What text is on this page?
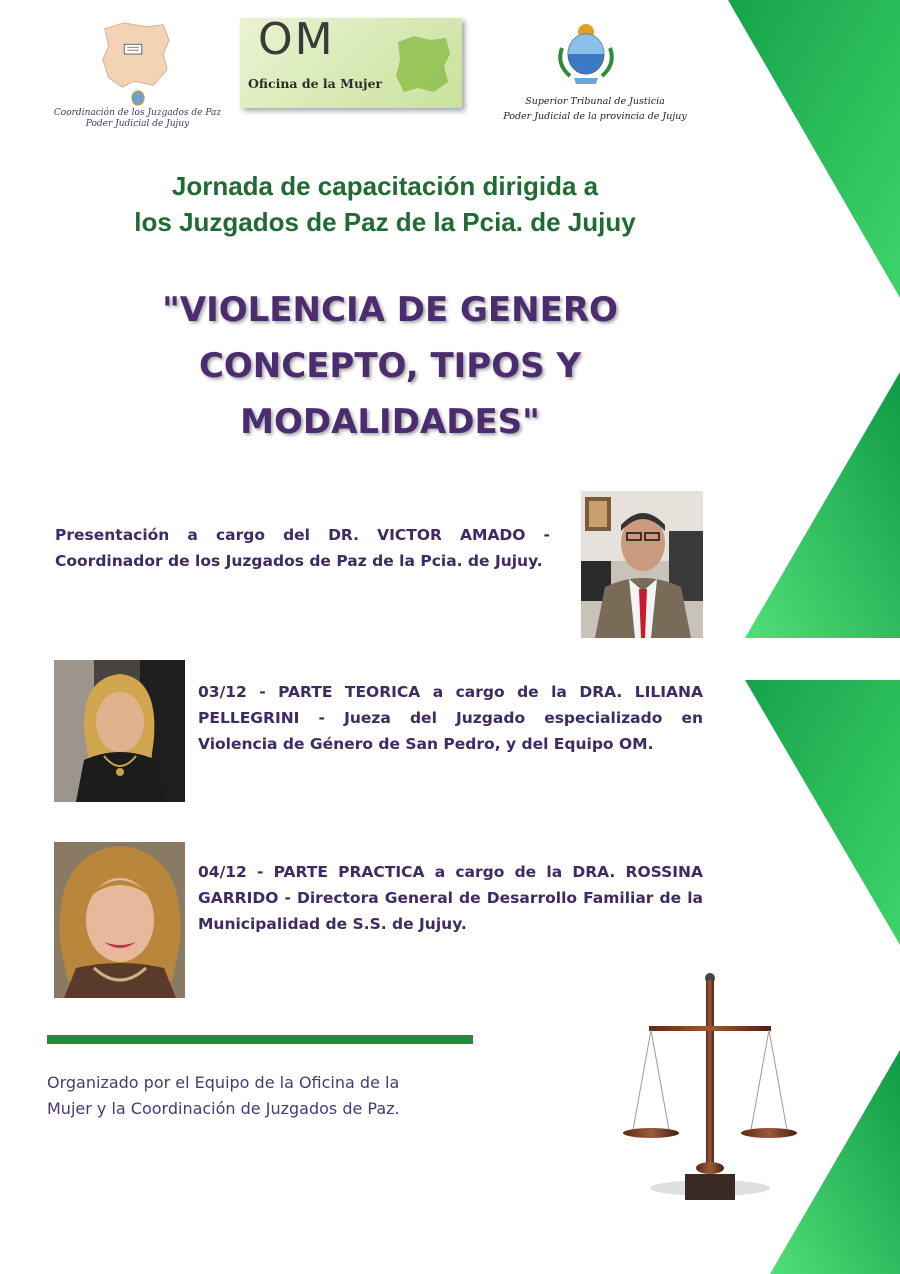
Coordinación de los Juzgados de Paz
Poder Judicial de Jujuy
OM
Oficina de la Mujer
Superior Tribunal de Justicia
Poder Judicial de la provincia de Jujuy
Jornada de capacitación dirigida a
los Juzgados de Paz de la Pcia. de Jujuy
"VIOLENCIA DE GENERO
CONCEPTO, TIPOS Y
MODALIDADES"
Presentación a cargo del DR. VICTOR AMADO - Coordinador de los Juzgados de Paz de la Pcia. de Jujuy.
03/12 - PARTE TEORICA a cargo de la DRA. LILIANA PELLEGRINI - Jueza del Juzgado especializado en Violencia de Género de San Pedro, y del Equipo OM.
04/12 - PARTE PRACTICA a cargo de la DRA. ROSSINA GARRIDO - Directora General de Desarrollo Familiar de la Municipalidad de S.S. de Jujuy.
Organizado por el Equipo de la Oficina de la
Mujer y la Coordinación de Juzgados de Paz.
